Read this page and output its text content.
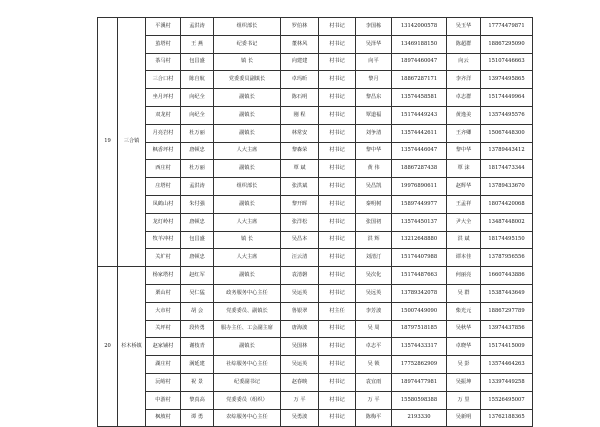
19	三合镇	平溪村	孟洪涛	组织部长	罗伯林	村书记	李国栋	13142000578	吴玉华	17774479871
		茧塔村	王 燕	纪委书记	董林风	村书记	吴泽华	13469188150	陈超群	18867295090
		茶马村	包昌盛	镇 长	向建建	村书记	向平	18974460047	向云	15107446663
		三合口村	陈自航	党委委员副镇长	卓玛昕	村书记	黎月	18867287171	李齐洋	13974495865
		坐月坪村	向纪全	副镇长	陈石明	村书记	黎昌东	13574458581	卓志群	15174449964
		双龙村	向纪全	副镇长	刚 程	村书记	覃道福	15174449243	黄逸美	13574495576
		月亮岩村	杜万丽	副镇长	林常安	村书记	刘争清	13574442611	王齐卿	15067448300
		枫香坪村	唐顿忠	人大主席	黎森荣	村书记	黎中华	13574446047	黎中华	13789443412
		西庄村	杜万丽	副镇长	覃 斌	村书记	黄 伟	18867287438	覃 沫	18174473344
		庄塔村	孟洪涛	组织部长	张洪斌	村书记	吴昌凯	19976890611	赵辉华	13789433670
		凤鹤山村	朱付强	副镇长	黎开晖	村书记	秦明树	15897449977	王孟祥	18074420068
		龙灯岭村	唐顿忠	人大主席	张洋松	村书记	张国初	13574450137	尹大全	13487448002
		牧羊冲村	包昌盛	镇 长	吴昌本	村书记	洪 辉	13212648880	洪 斌	18174495150
		关圹村	唐顿忠	人大主席	汪云清	村书记	刘清汀	15174407988	谭本佳	13787956556
20	杉木桥镇	杨家塔村	赵红军	副镇长	袁清磐	村书记	吴次化	15174487663	何丽亮	16607443886
		栗山村	吴仁猛	政务服务中心主任	吴运英	村书记	吴远英	13789342078	吴 群	15387443649
		大市村	胡 会	党委委员、副镇长	鲁银翠	村主任	李芳波	15007449090	柴光元	18867297789
		关坪村	段传勇	服办主任、工会副主席	唐海波	村书记	吴 周	18797518185	吴秋华	13974437856
		赵家铺村	谢枝青	副镇长	吴国林	村书记	卓志平	13574433317	卓晓华	15174415009
		湖庄村	满延建	社综服务中心主任	吴运英	村书记	吴 锁	17752862909	吴 彭	13574464263
		沅峪村	祝 景	纪委副书记	赵春映	村书记	袁宜雨	18974477981	吴振坤	13397449258
		中游村	黎真高	党委委员（组织）	万 平	村书记	万 平	15580598388	万 里	15526495007
		枫坡村	谭 勇	农综服务中心主任	吴勇波	村书记	陈梅平	2193330	吴新明	13762188365
